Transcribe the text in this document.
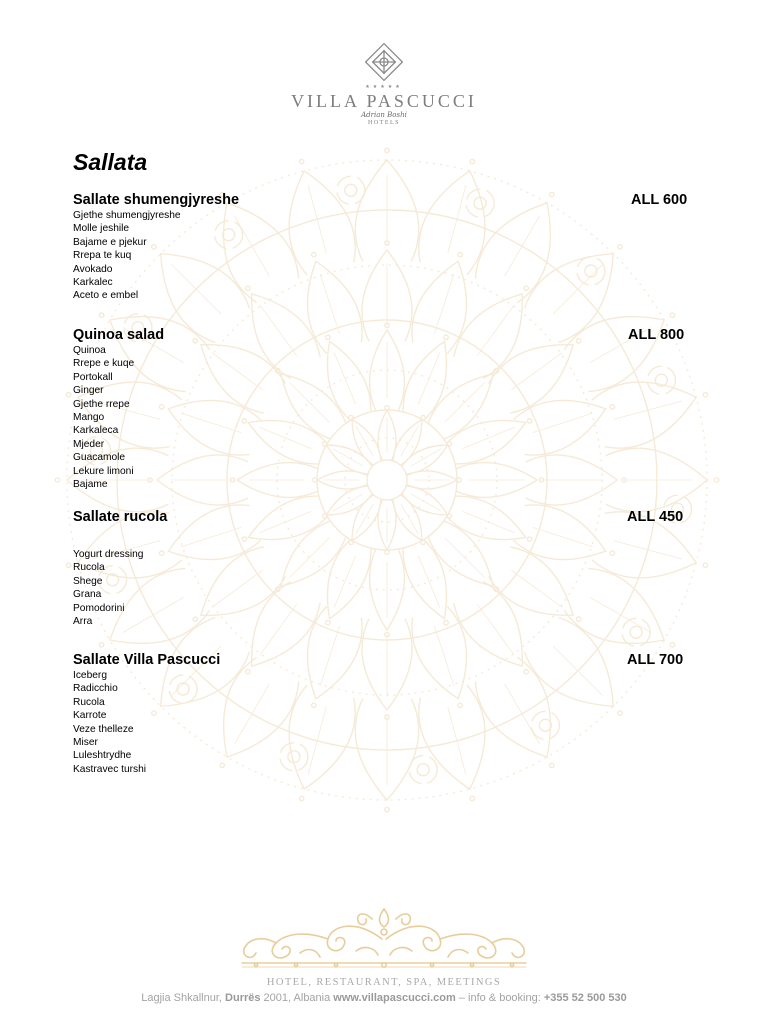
★★★★★
VILLA PASCUCCI
Adrian Boshi
HOTELS
Sallata
Sallate shumengjyreshe	ALL 600
Gjethe shumengjyreshe
Molle jeshile
Bajame e pjekur
Rrepa te kuq
Avokado
Karkalec
Aceto e embel
Quinoa salad	ALL 800
Quinoa
Rrepe e kuqe
Portokall
Ginger
Gjethe rrepe
Mango
Karkaleca
Mjeder
Guacamole
Lekure limoni
Bajame
Sallate rucola	ALL 450
Yogurt dressing
Rucola
Shege
Grana
Pomodorini
Arra
Sallate Villa Pascucci	ALL 700
Iceberg
Radicchio
Rucola
Karrote
Veze thelleze
Miser
Luleshtrydhe
Kastravec turshi
HOTEL, RESTAURANT, SPA, MEETINGS
Lagjia Shkallnur, Durrës 2001, Albania www.villapascucci.com – info & booking: +355 52 500 530
